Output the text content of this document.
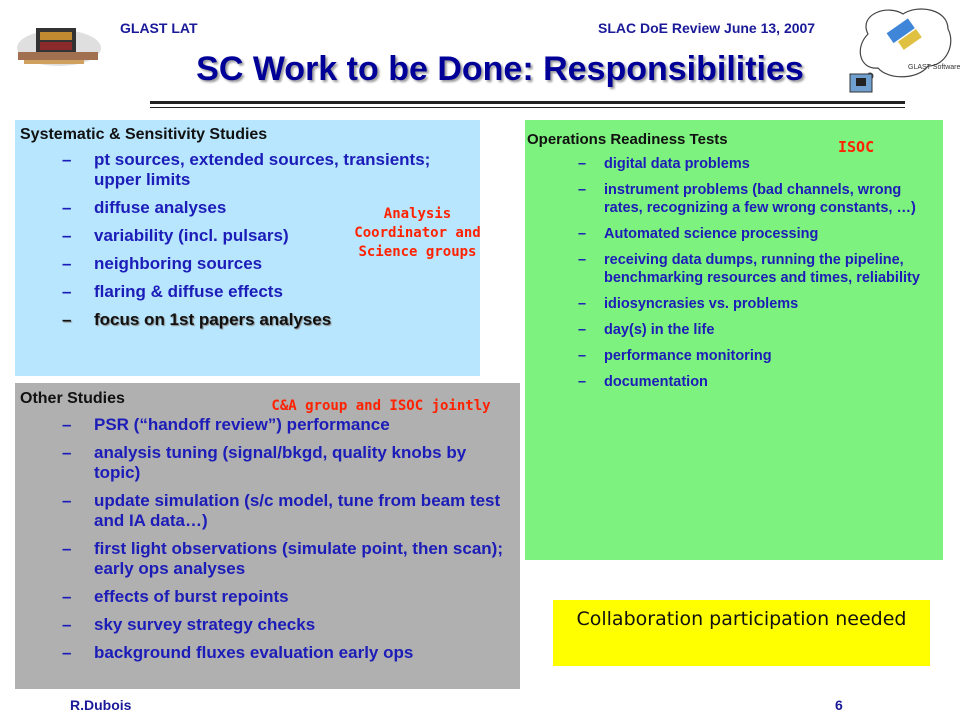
GLAST LAT	SLAC DoE Review June 13, 2007
GLAST Software
SC Work to be Done: Responsibilities
Systematic & Sensitivity Studies
– pt sources, extended sources, transients; upper limits
– diffuse analyses
– variability (incl. pulsars)
– neighboring sources
– flaring & diffuse effects
– focus on 1st papers analyses
Analysis Coordinator and Science groups
Other Studies	C&A group and ISOC jointly
– PSR (“handoff review”) performance
– analysis tuning (signal/bkgd, quality knobs by topic)
– update simulation (s/c model, tune from beam test and IA data…)
– first light observations (simulate point, then scan); early ops analyses
– effects of burst repoints
– sky survey strategy checks
– background fluxes evaluation early ops
Operations Readiness Tests	ISOC
– digital data problems
– instrument problems (bad channels, wrong rates, recognizing a few wrong constants, …)
– Automated science processing
– receiving data dumps, running the pipeline, benchmarking resources and times, reliability
– idiosyncrasies vs. problems
– day(s) in the life
– performance monitoring
– documentation
Collaboration participation needed
R.Dubois	6
